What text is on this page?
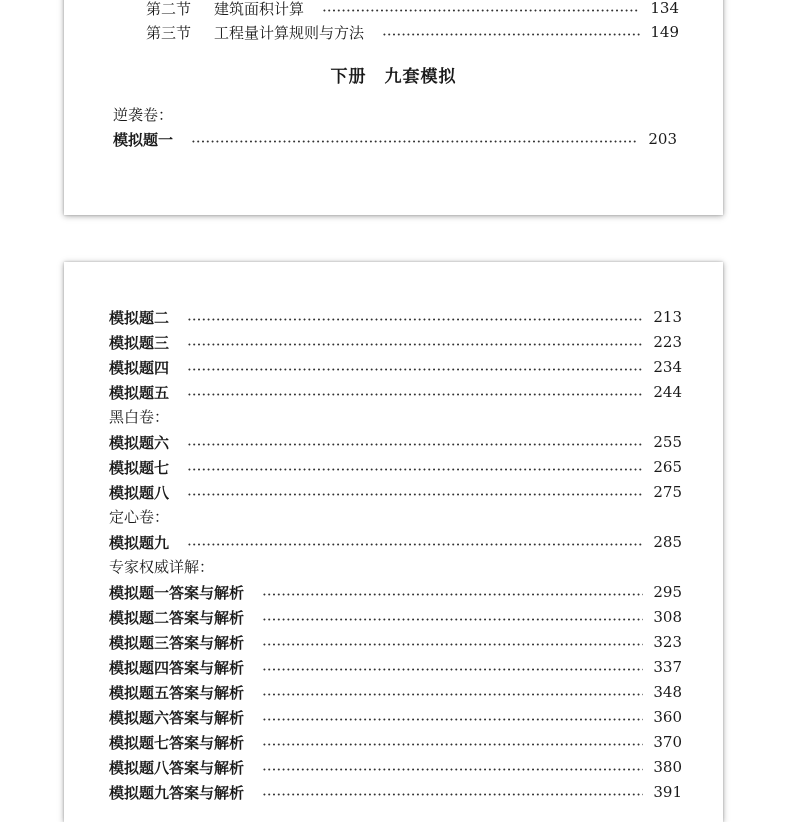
第二节 建筑面积计算	134
第三节 工程量计算规则与方法	149
下册　九套模拟
逆袭卷：
模拟题一	203
模拟题二	213
模拟题三	223
模拟题四	234
模拟题五	244
黑白卷：
模拟题六	255
模拟题七	265
模拟题八	275
定心卷：
模拟题九	285
专家权威详解：
模拟题一答案与解析	295
模拟题二答案与解析	308
模拟题三答案与解析	323
模拟题四答案与解析	337
模拟题五答案与解析	348
模拟题六答案与解析	360
模拟题七答案与解析	370
模拟题八答案与解析	380
模拟题九答案与解析	391
